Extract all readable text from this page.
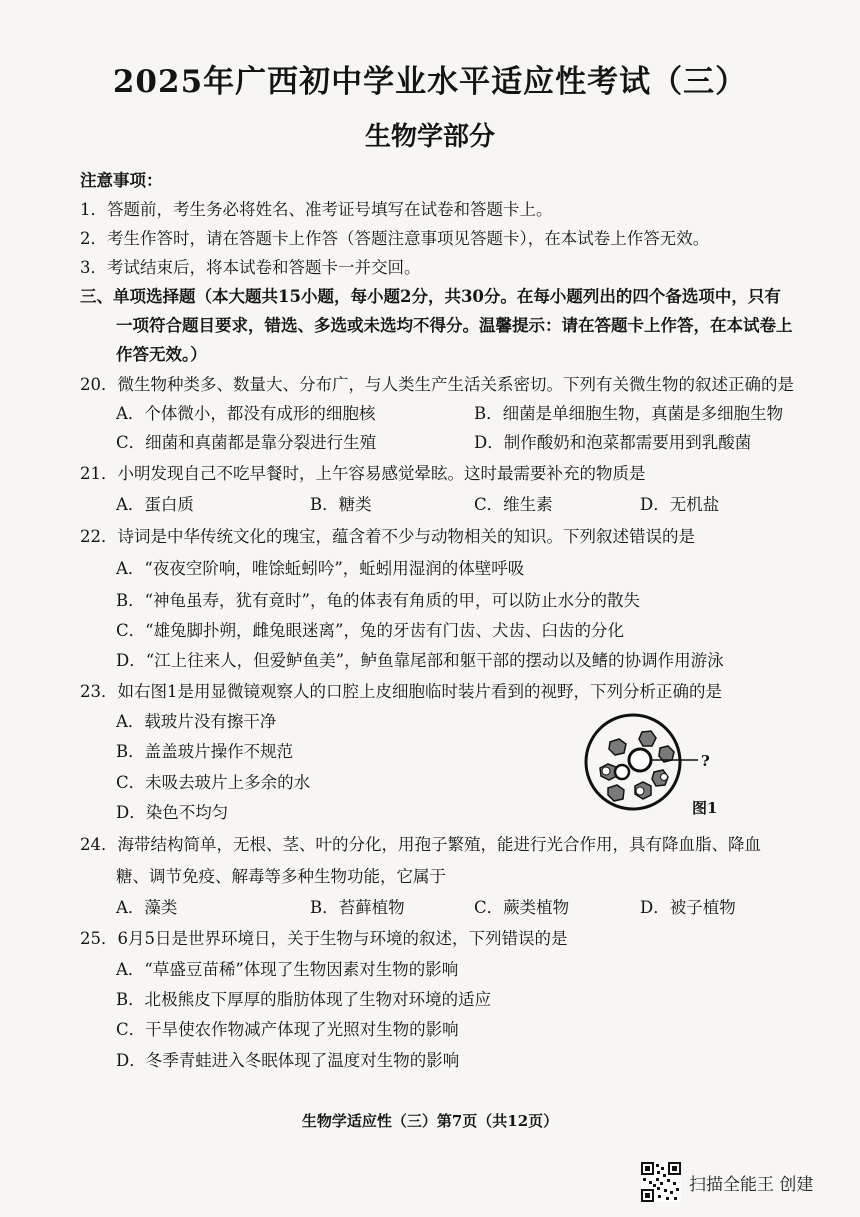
2025年广西初中学业水平适应性考试（三）
生物学部分
注意事项：
1．答题前，考生务必将姓名、准考证号填写在试卷和答题卡上。
2．考生作答时，请在答题卡上作答（答题注意事项见答题卡），在本试卷上作答无效。
3．考试结束后，将本试卷和答题卡一并交回。
三、单项选择题（本大题共15小题，每小题2分，共30分。在每小题列出的四个备选项中，只有
一项符合题目要求，错选、多选或未选均不得分。温馨提示：请在答题卡上作答，在本试卷上
作答无效。）
20．微生物种类多、数量大、分布广，与人类生产生活关系密切。下列有关微生物的叙述正确的是
A．个体微小，都没有成形的细胞核	B．细菌是单细胞生物，真菌是多细胞生物
C．细菌和真菌都是靠分裂进行生殖	D．制作酸奶和泡菜都需要用到乳酸菌
21．小明发现自己不吃早餐时，上午容易感觉晕眩。这时最需要补充的物质是
A．蛋白质	B．糖类	C．维生素	D．无机盐
22．诗词是中华传统文化的瑰宝，蕴含着不少与动物相关的知识。下列叙述错误的是
A．“夜夜空阶响，唯馀蚯蚓吟”，蚯蚓用湿润的体壁呼吸
B．“神龟虽寿，犹有竟时”，龟的体表有角质的甲，可以防止水分的散失
C．“雄兔脚扑朔，雌兔眼迷离”，兔的牙齿有门齿、犬齿、臼齿的分化
D．“江上往来人，但爱鲈鱼美”，鲈鱼靠尾部和躯干部的摆动以及鳍的协调作用游泳
23．如右图1是用显微镜观察人的口腔上皮细胞临时装片看到的视野，下列分析正确的是
A．载玻片没有擦干净
B．盖盖玻片操作不规范
C．未吸去玻片上多余的水
D．染色不均匀
?
图1
24．海带结构简单，无根、茎、叶的分化，用孢子繁殖，能进行光合作用，具有降血脂、降血
糖、调节免疫、解毒等多种生物功能，它属于
A．藻类	B．苔藓植物	C．蕨类植物	D．被子植物
25．6月5日是世界环境日，关于生物与环境的叙述，下列错误的是
A．“草盛豆苗稀”体现了生物因素对生物的影响
B．北极熊皮下厚厚的脂肪体现了生物对环境的适应
C．干旱使农作物减产体现了光照对生物的影响
D．冬季青蛙进入冬眠体现了温度对生物的影响
生物学适应性（三）第7页（共12页）
扫描全能王 创建
